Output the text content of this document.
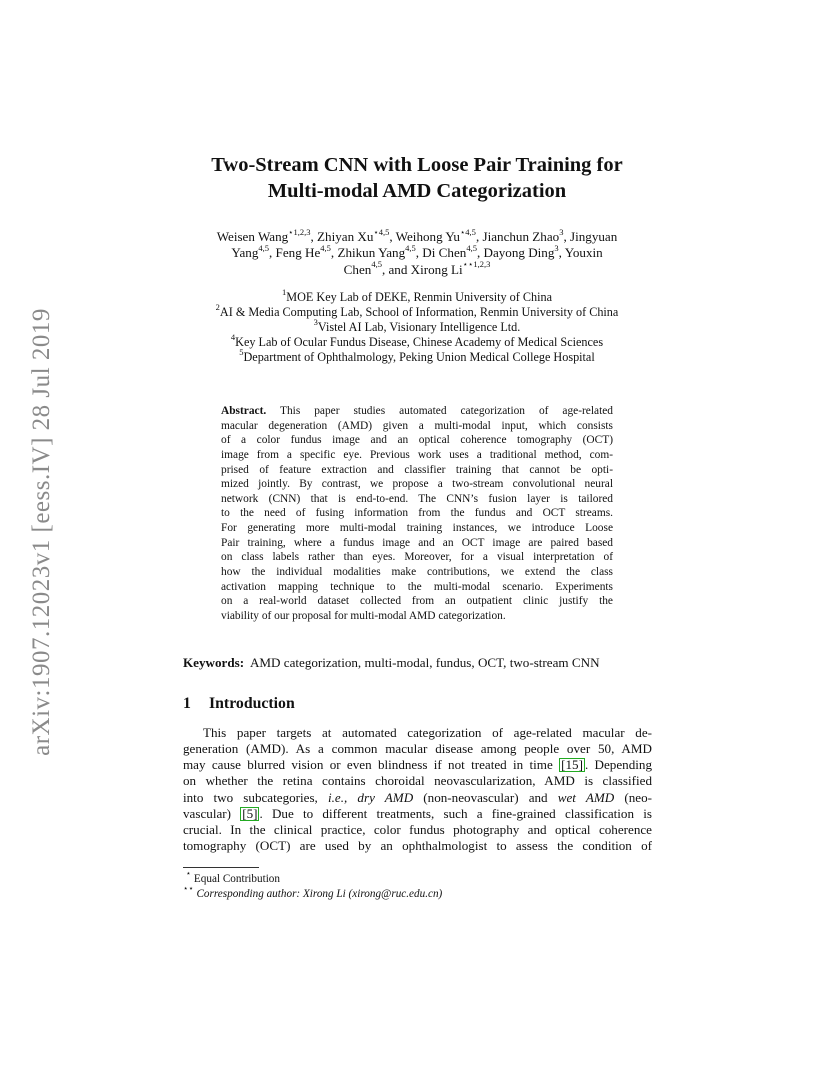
arXiv:1907.12023v1 [eess.IV] 28 Jul 2019
Two-Stream CNN with Loose Pair Training for
Multi-modal AMD Categorization
Weisen Wang$^{⋆1,2,3}$, Zhiyan $Xu^{⋆4,5}$, Weihong $Yu^{⋆4,5}$, Jianchun Zhao$^3$, Jingyuan
Yang$^{4,5}$, Feng He$^{4,5}$, Zhikun Yang$^{4,5}$, Di Chen$^{4,5}$, Dayong Ding$^3$, Youxin
Chen$^{4,5}$, and Xirong $Li^{⋆⋆1,2,3}$
$^1$MOE Key Lab of DEKE, Renmin University of China
$^2$AI & Media Computing Lab, School of Information, Renmin University of China
$^3$Vistel AI Lab, Visionary Intelligence Ltd.
$^4$Key Lab of Ocular Fundus Disease, Chinese Academy of Medical Sciences
$^5$Department of Ophthalmology, Peking Union Medical College Hospital
Abstract. This paper studies automated categorization of age-related
macular degeneration (AMD) given a multi-modal input, which consists
of a color fundus image and an optical coherence tomography (OCT)
image from a specific eye. Previous work uses a traditional method, com-
prised of feature extraction and classifier training that cannot be opti-
mized jointly. By contrast, we propose a two-stream convolutional neural
network (CNN) that is end-to-end. The CNN’s fusion layer is tailored
to the need of fusing information from the fundus and OCT streams.
For generating more multi-modal training instances, we introduce Loose
Pair training, where a fundus image and an OCT image are paired based
on class labels rather than eyes. Moreover, for a visual interpretation of
how the individual modalities make contributions, we extend the class
activation mapping technique to the multi-modal scenario. Experiments
on a real-world dataset collected from an outpatient clinic justify the
viability of our proposal for multi-modal AMD categorization.
Keywords: AMD categorization, multi-modal, fundus, OCT, two-stream CNN
1 Introduction
This paper targets at automated categorization of age-related macular de-
generation (AMD). As a common macular disease among people over 50, AMD
may cause blurred vision or even blindness if not treated in time [15] . Depending
on whether the retina contains choroidal neovascularization, AMD is classified
into two subcategories, i.e., dry AMD (non-neovascular) and wet AMD (neo-
vascular) [5] . Due to different treatments, such a fine-grained classification is
crucial. In the clinical practice, color fundus photography and optical coherence
tomography (OCT) are used by an ophthalmologist to assess the condition of
⋆ Equal Contribution
⋆⋆ Corresponding author: Xirong Li (xirong@ruc.edu.cn)
